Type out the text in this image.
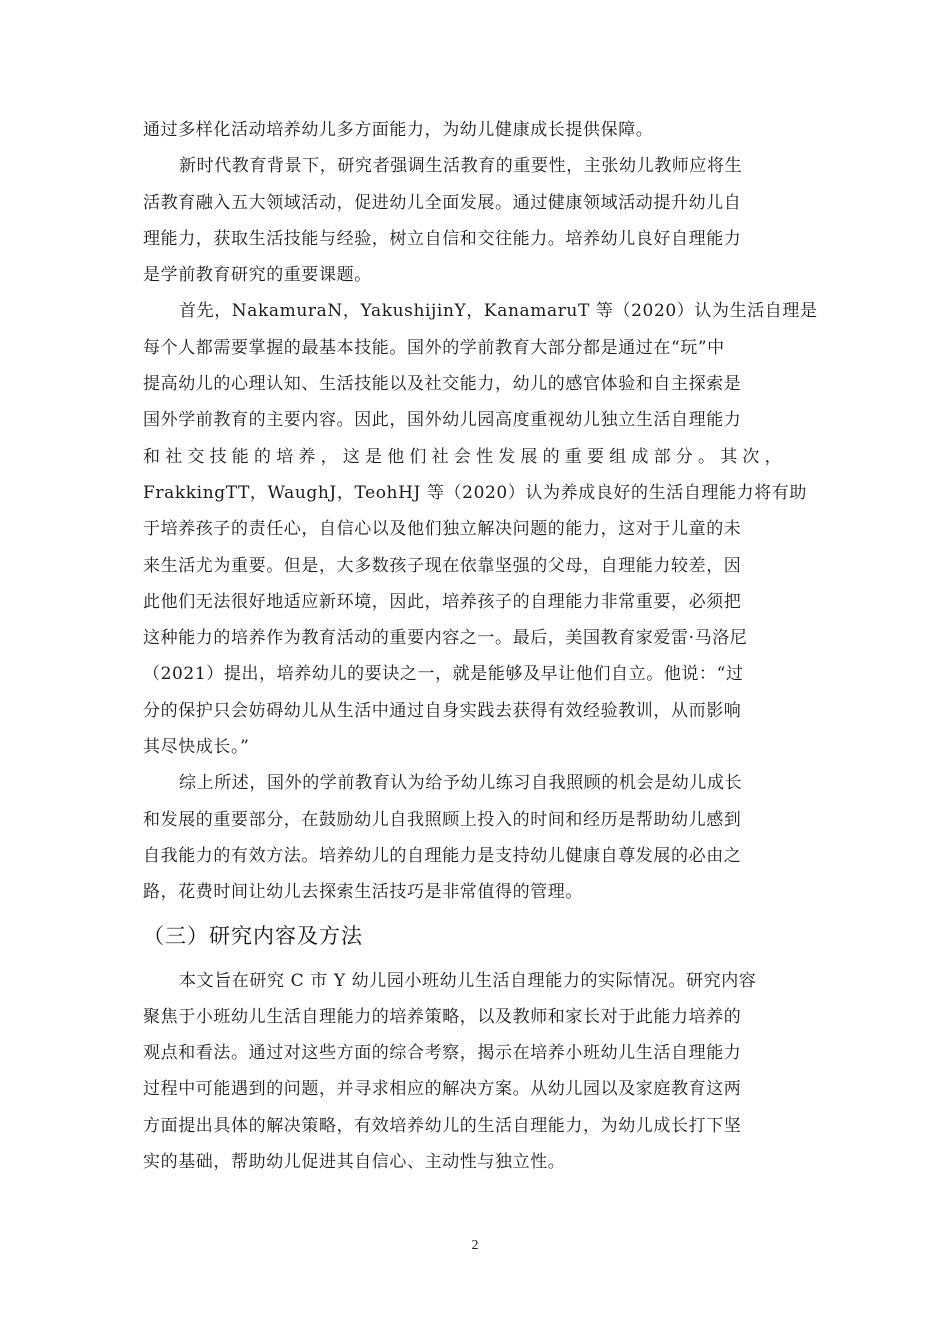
通过多样化活动培养幼儿多方面能力，为幼儿健康成长提供保障。
新时代教育背景下，研究者强调生活教育的重要性，主张幼儿教师应将生
活教育融入五大领域活动，促进幼儿全面发展。通过健康领域活动提升幼儿自
理能力，获取生活技能与经验，树立自信和交往能力。培养幼儿良好自理能力
是学前教育研究的重要课题。
首先，NakamuraN，YakushijinY，KanamaruT 等（2020）认为生活自理是
每个人都需要掌握的最基本技能。国外的学前教育大部分都是通过在“玩”中
提高幼儿的心理认知、生活技能以及社交能力，幼儿的感官体验和自主探索是
国外学前教育的主要内容。因此，国外幼儿园高度重视幼儿独立生活自理能力
和社交技能的培养，这是他们社会性发展的重要组成部分。其次，
FrakkingTT，WaughJ，TeohHJ 等（2020）认为养成良好的生活自理能力将有助
于培养孩子的责任心，自信心以及他们独立解决问题的能力，这对于儿童的未
来生活尤为重要。但是，大多数孩子现在依靠坚强的父母，自理能力较差，因
此他们无法很好地适应新环境，因此，培养孩子的自理能力非常重要，必须把
这种能力的培养作为教育活动的重要内容之一。最后，美国教育家爱雷·马洛尼
（2021）提出，培养幼儿的要诀之一，就是能够及早让他们自立。他说：“过
分的保护只会妨碍幼儿从生活中通过自身实践去获得有效经验教训，从而影响
其尽快成长。”
综上所述，国外的学前教育认为给予幼儿练习自我照顾的机会是幼儿成长
和发展的重要部分，在鼓励幼儿自我照顾上投入的时间和经历是帮助幼儿感到
自我能力的有效方法。培养幼儿的自理能力是支持幼儿健康自尊发展的必由之
路，花费时间让幼儿去探索生活技巧是非常值得的管理。
（三）研究内容及方法
本文旨在研究 C 市 Y 幼儿园小班幼儿生活自理能力的实际情况。研究内容
聚焦于小班幼儿生活自理能力的培养策略，以及教师和家长对于此能力培养的
观点和看法。通过对这些方面的综合考察，揭示在培养小班幼儿生活自理能力
过程中可能遇到的问题，并寻求相应的解决方案。从幼儿园以及家庭教育这两
方面提出具体的解决策略，有效培养幼儿的生活自理能力，为幼儿成长打下坚
实的基础，帮助幼儿促进其自信心、主动性与独立性。
2
